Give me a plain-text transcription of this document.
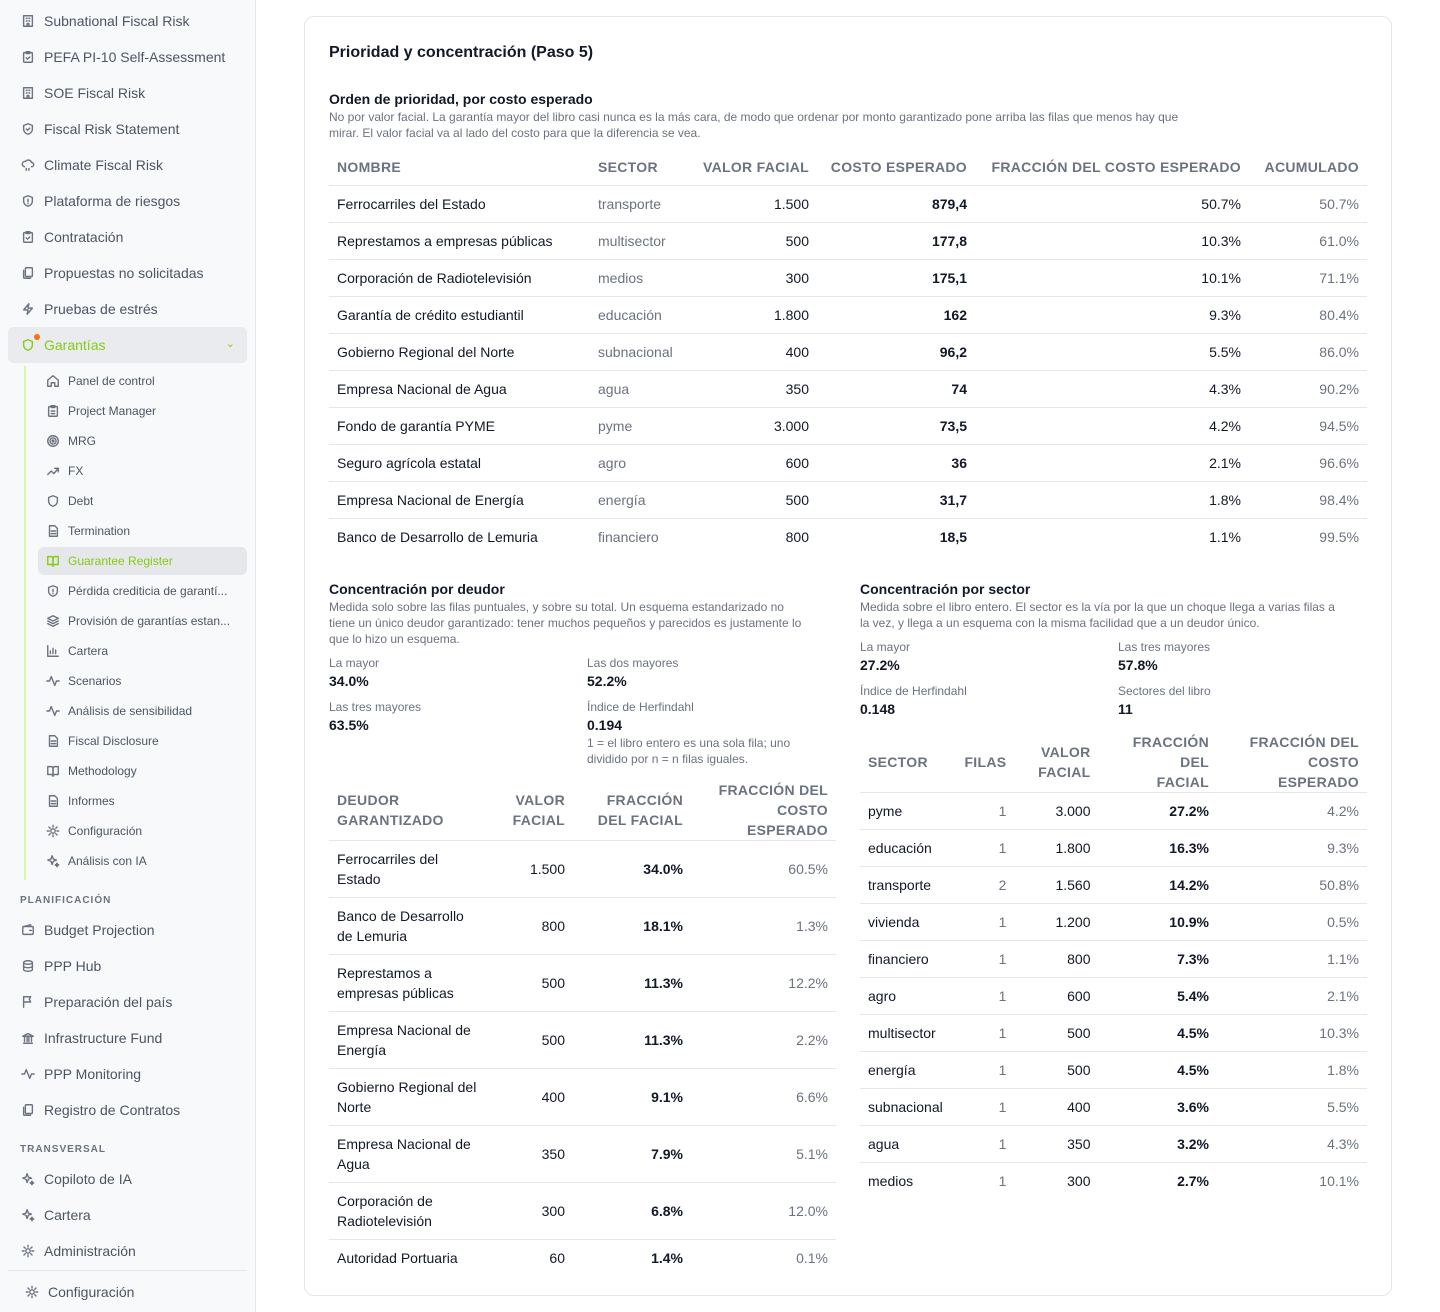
Subnational Fiscal Risk
PEFA PI-10 Self-Assessment
SOE Fiscal Risk
Fiscal Risk Statement
Climate Fiscal Risk
Plataforma de riesgos
Contratación
Propuestas no solicitadas
Pruebas de estrés
Garantías	⌄
Panel de control
Project Manager
MRG
FX
Debt
Termination
Guarantee Register
Pérdida crediticia de garantí...
Provisión de garantías estan...
Cartera
Scenarios
Análisis de sensibilidad
Fiscal Disclosure
Methodology
Informes
Configuración
Análisis con IA
PLANIFICACIÓN
Budget Projection
PPP Hub
Preparación del país
Infrastructure Fund
PPP Monitoring
Registro de Contratos
TRANSVERSAL
Copiloto de IA
Cartera
Administración
Configuración
Prioridad y concentración (Paso 5)
Orden de prioridad, por costo esperado

No por valor facial. La garantía mayor del libro casi nunca es la más cara, de modo que ordenar por monto garantizado pone arriba las filas que menos hay que

mirar. El valor facial va al lado del costo para que la diferencia se vea.

NOMBRE	SECTOR	VALOR FACIAL	COSTO ESPERADO	FRACCIÓN DEL COSTO ESPERADO	ACUMULADO
Ferrocarriles del Estado	transporte	1.500	879,4	50.7%	50.7%
Represtamos a empresas públicas	multisector	500	177,8	10.3%	61.0%
Corporación de Radiotelevisión	medios	300	175,1	10.1%	71.1%
Garantía de crédito estudiantil	educación	1.800	162	9.3%	80.4%
Gobierno Regional del Norte	subnacional	400	96,2	5.5%	86.0%
Empresa Nacional de Agua	agua	350	74	4.3%	90.2%
Fondo de garantía PYME	pyme	3.000	73,5	4.2%	94.5%
Seguro agrícola estatal	agro	600	36	2.1%	96.6%
Empresa Nacional de Energía	energía	500	31,7	1.8%	98.4%
Banco de Desarrollo de Lemuria	financiero	800	18,5	1.1%	99.5%
Concentración por deudor

Medida solo sobre las filas puntuales, y sobre su total. Un esquema estandarizado no

tiene un único deudor garantizado: tener muchos pequeños y parecidos es justamente lo

que lo hizo un esquema.

La mayor
34.0%
Las dos mayores
52.2%
Las tres mayores
63.5%
Índice de Herfindahl
0.194
1 = el libro entero es una sola fila; uno
dividido por n = n filas iguales.
DEUDOR
GARANTIZADO	VALOR
FACIAL	FRACCIÓN
DEL FACIAL	FRACCIÓN DEL
COSTO ESPERADO
Ferrocarriles del
Estado	1.500	34.0%	60.5%
Banco de Desarrollo
de Lemuria	800	18.1%	1.3%
Represtamos a
empresas públicas	500	11.3%	12.2%
Empresa Nacional de
Energía	500	11.3%	2.2%
Gobierno Regional del
Norte	400	9.1%	6.6%
Empresa Nacional de
Agua	350	7.9%	5.1%
Corporación de
Radiotelevisión	300	6.8%	12.0%
Autoridad Portuaria	60	1.4%	0.1%
Concentración por sector

Medida sobre el libro entero. El sector es la vía por la que un choque llega a varias filas a

la vez, y llega a un esquema con la misma facilidad que a un deudor único.

La mayor
27.2%
Las tres mayores
57.8%
Índice de Herfindahl
0.148
Sectores del libro
11
SECTOR	FILAS	VALOR
FACIAL	FRACCIÓN DEL
FACIAL	FRACCIÓN DEL
COSTO ESPERADO
pyme	1	3.000	27.2%	4.2%
educación	1	1.800	16.3%	9.3%
transporte	2	1.560	14.2%	50.8%
vivienda	1	1.200	10.9%	0.5%
financiero	1	800	7.3%	1.1%
agro	1	600	5.4%	2.1%
multisector	1	500	4.5%	10.3%
energía	1	500	4.5%	1.8%
subnacional	1	400	3.6%	5.5%
agua	1	350	3.2%	4.3%
medios	1	300	2.7%	10.1%
